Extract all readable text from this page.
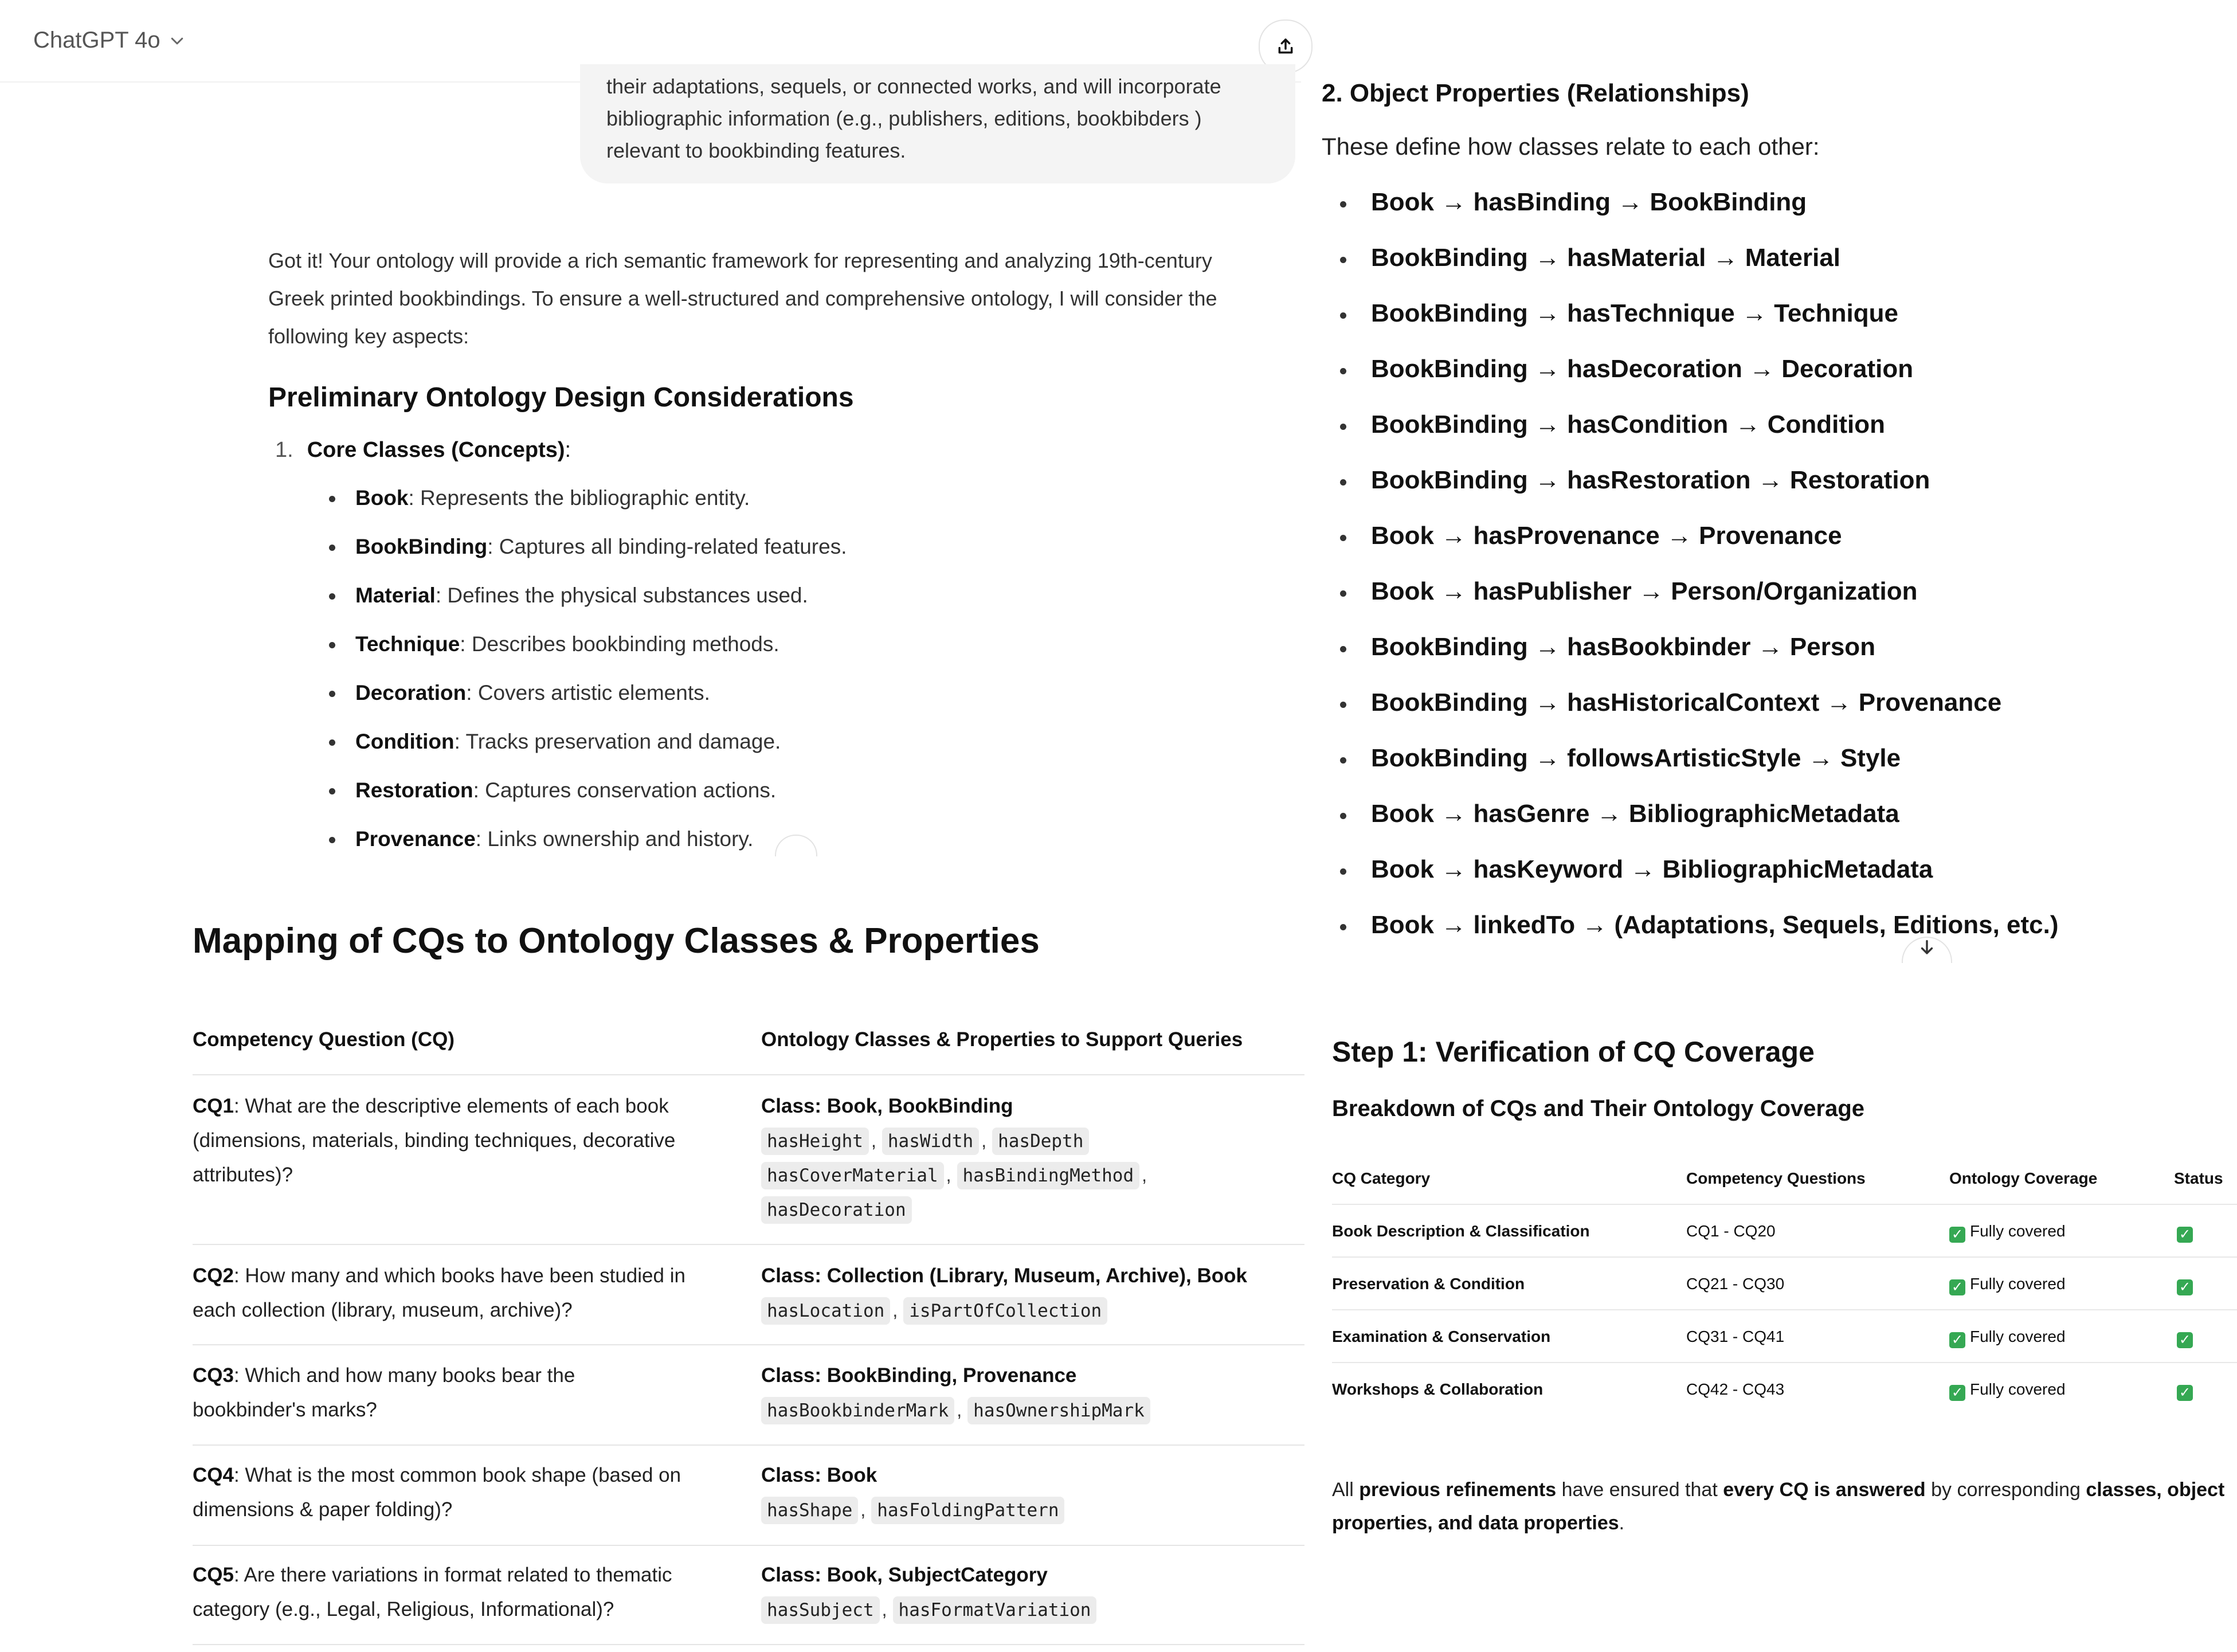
ChatGPT 4o
their adaptations, sequels, or connected works, and will incorporate
bibliographic information (e.g., publishers, editions, bookbibders )
relevant to bookbinding features.
Got it! Your ontology will provide a rich semantic framework for representing and analyzing 19th-century
Greek printed bookbindings. To ensure a well-structured and comprehensive ontology, I will consider the
following key aspects:
Preliminary Ontology Design Considerations
1. Core Classes (Concepts):
Book: Represents the bibliographic entity.
BookBinding: Captures all binding-related features.
Material: Defines the physical substances used.
Technique: Describes bookbinding methods.
Decoration: Covers artistic elements.
Condition: Tracks preservation and damage.
Restoration: Captures conservation actions.
Provenance: Links ownership and history.
Mapping of CQs to Ontology Classes & Properties
Competency Question (CQ)	Ontology Classes & Properties to Support Queries
CQ1: What are the descriptive elements of each book
(dimensions, materials, binding techniques, decorative
attributes)?
Class: Book, BookBinding
hasHeight , hasWidth , hasDepth
hasCoverMaterial , hasBindingMethod ,
hasDecoration
CQ2: How many and which books have been studied in
each collection (library, museum, archive)?
Class: Collection (Library, Museum, Archive), Book
hasLocation , isPartOfCollection
CQ3: Which and how many books bear the
bookbinder's marks?
Class: BookBinding, Provenance
hasBookbinderMark , hasOwnershipMark
CQ4: What is the most common book shape (based on
dimensions & paper folding)?
Class: Book
hasShape , hasFoldingPattern
CQ5: Are there variations in format related to thematic
category (e.g., Legal, Religious, Informational)?
Class: Book, SubjectCategory
hasSubject , hasFormatVariation
2. Object Properties (Relationships)
These define how classes relate to each other:
Book → hasBinding → BookBinding
BookBinding → hasMaterial → Material
BookBinding → hasTechnique → Technique
BookBinding → hasDecoration → Decoration
BookBinding → hasCondition → Condition
BookBinding → hasRestoration → Restoration
Book → hasProvenance → Provenance
Book → hasPublisher → Person/Organization
BookBinding → hasBookbinder → Person
BookBinding → hasHistoricalContext → Provenance
BookBinding → followsArtisticStyle → Style
Book → hasGenre → BibliographicMetadata
Book → hasKeyword → BibliographicMetadata
Book → linkedTo → (Adaptations, Sequels, Editions, etc.)
Step 1: Verification of CQ Coverage
Breakdown of CQs and Their Ontology Coverage
CQ Category	Competency Questions	Ontology Coverage	Status
Book Description & Classification	CQ1 - CQ20	✓ Fully covered	✓
Preservation & Condition	CQ21 - CQ30	✓ Fully covered	✓
Examination & Conservation	CQ31 - CQ41	✓ Fully covered	✓
Workshops & Collaboration	CQ42 - CQ43	✓ Fully covered	✓
All previous refinements have ensured that every CQ is answered by corresponding classes, object
properties, and data properties.
